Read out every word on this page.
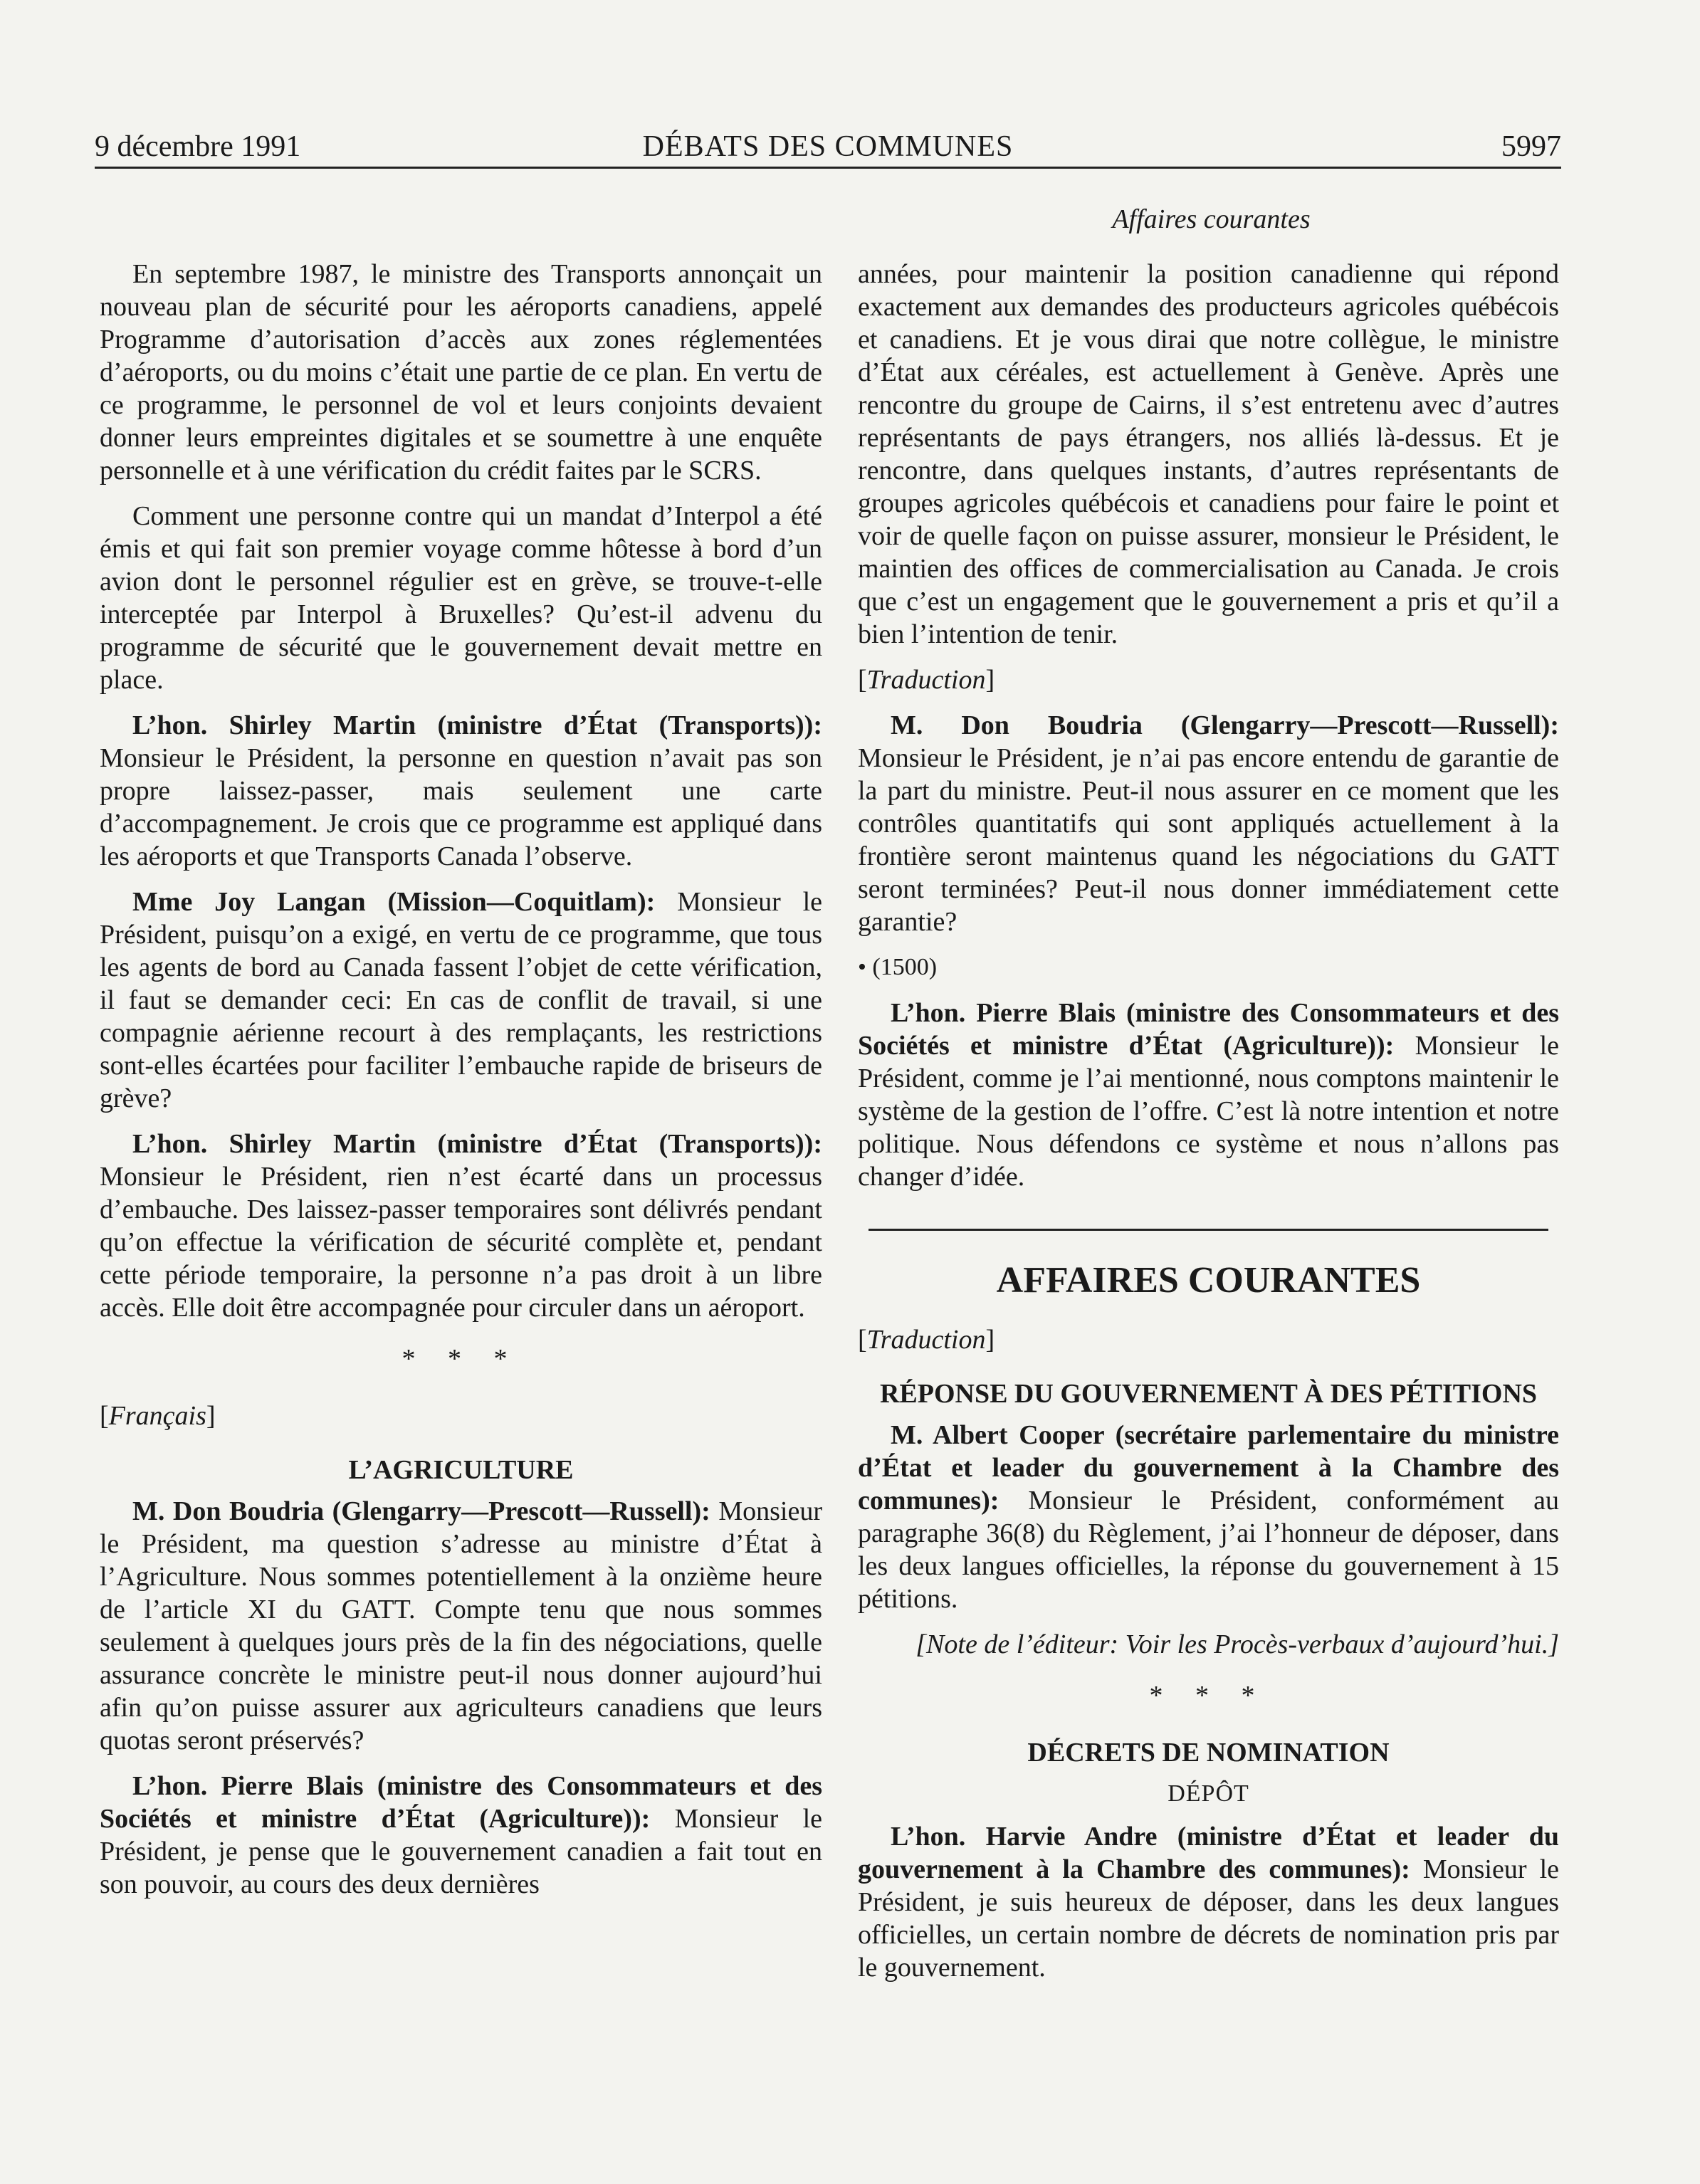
9 décembre 1991	DÉBATS DES COMMUNES	5997
Affaires courantes

En septembre 1987, le ministre des Transports annonçait un nouveau plan de sécurité pour les aéroports canadiens, appelé Programme d’autorisation d’accès aux zones réglementées d’aéroports, ou du moins c’était une partie de ce plan. En vertu de ce programme, le personnel de vol et leurs conjoints devaient donner leurs empreintes digitales et se soumettre à une enquête personnelle et à une vérification du crédit faites par le SCRS.

Comment une personne contre qui un mandat d’Interpol a été émis et qui fait son premier voyage comme hôtesse à bord d’un avion dont le personnel régulier est en grève, se trouve-t-elle interceptée par Interpol à Bruxelles? Qu’est-il advenu du programme de sécurité que le gouvernement devait mettre en place.

L’hon. Shirley Martin (ministre d’État (Transports)): Monsieur le Président, la personne en question n’avait pas son propre laissez-passer, mais seulement une carte d’accompagnement. Je crois que ce programme est appliqué dans les aéroports et que Transports Canada l’observe.

Mme Joy Langan (Mission—Coquitlam): Monsieur le Président, puisqu’on a exigé, en vertu de ce programme, que tous les agents de bord au Canada fassent l’objet de cette vérification, il faut se demander ceci: En cas de conflit de travail, si une compagnie aérienne recourt à des remplaçants, les restrictions sont-elles écartées pour faciliter l’embauche rapide de briseurs de grève?

L’hon. Shirley Martin (ministre d’État (Transports)): Monsieur le Président, rien n’est écarté dans un processus d’embauche. Des laissez-passer temporaires sont délivrés pendant qu’on effectue la vérification de sécurité complète et, pendant cette période temporaire, la personne n’a pas droit à un libre accès. Elle doit être accompagnée pour circuler dans un aéroport.

* * *

[Français]

L’AGRICULTURE

M. Don Boudria (Glengarry—Prescott—Russell): Monsieur le Président, ma question s’adresse au ministre d’État à l’Agriculture. Nous sommes potentiellement à la onzième heure de l’article XI du GATT. Compte tenu que nous sommes seulement à quelques jours près de la fin des négociations, quelle assurance concrète le ministre peut-il nous donner aujourd’hui afin qu’on puisse assurer aux agriculteurs canadiens que leurs quotas seront préservés?

L’hon. Pierre Blais (ministre des Consommateurs et des Sociétés et ministre d’État (Agriculture)): Monsieur le Président, je pense que le gouvernement canadien a fait tout en son pouvoir, au cours des deux dernières

années, pour maintenir la position canadienne qui répond exactement aux demandes des producteurs agricoles québécois et canadiens. Et je vous dirai que notre collègue, le ministre d’État aux céréales, est actuellement à Genève. Après une rencontre du groupe de Cairns, il s’est entretenu avec d’autres représentants de pays étrangers, nos alliés là-dessus. Et je rencontre, dans quelques instants, d’autres représentants de groupes agricoles québécois et canadiens pour faire le point et voir de quelle façon on puisse assurer, monsieur le Président, le maintien des offices de commercialisation au Canada. Je crois que c’est un engagement que le gouvernement a pris et qu’il a bien l’intention de tenir.

[Traduction]

M. Don Boudria (Glengarry—Prescott—Russell): Monsieur le Président, je n’ai pas encore entendu de garantie de la part du ministre. Peut-il nous assurer en ce moment que les contrôles quantitatifs qui sont appliqués actuellement à la frontière seront maintenus quand les négociations du GATT seront terminées? Peut-il nous donner immédiatement cette garantie?

• (1500)

L’hon. Pierre Blais (ministre des Consommateurs et des Sociétés et ministre d’État (Agriculture)): Monsieur le Président, comme je l’ai mentionné, nous comptons maintenir le système de la gestion de l’offre. C’est là notre intention et notre politique. Nous défendons ce système et nous n’allons pas changer d’idée.

AFFAIRES COURANTES

[Traduction]

RÉPONSE DU GOUVERNEMENT À DES PÉTITIONS

M. Albert Cooper (secrétaire parlementaire du ministre d’État et leader du gouvernement à la Chambre des communes): Monsieur le Président, conformément au paragraphe 36(8) du Règlement, j’ai l’honneur de déposer, dans les deux langues officielles, la réponse du gouvernement à 15 pétitions.

[Note de l’éditeur: Voir les Procès-verbaux d’aujourd’hui.]

* * *
DÉCRETS DE NOMINATION
DÉPÔT

L’hon. Harvie Andre (ministre d’État et leader du gouvernement à la Chambre des communes): Monsieur le Président, je suis heureux de déposer, dans les deux langues officielles, un certain nombre de décrets de nomination pris par le gouvernement.
